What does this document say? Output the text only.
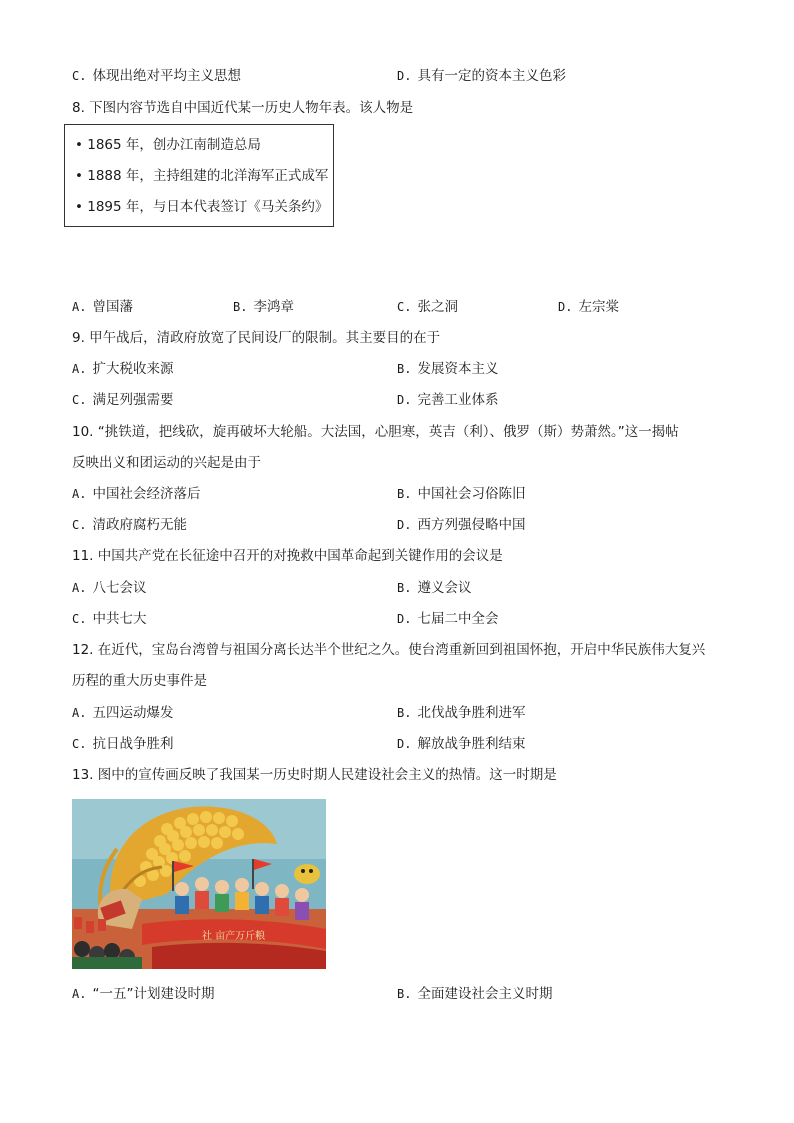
C. 体现出绝对平均主义思想	D. 具有一定的资本主义色彩
8. 下图内容节选自中国近代某一历史人物年表。该人物是
• 1865 年，创办江南制造总局
• 1888 年，主持组建的北洋海军正式成军
• 1895 年，与日本代表签订《马关条约》
A. 曾国藩	B. 李鸿章	C. 张之洞	D. 左宗棠
9. 甲午战后，清政府放宽了民间设厂的限制。其主要目的在于
A. 扩大税收来源	B. 发展资本主义
C. 满足列强需要	D. 完善工业体系
10. “挑铁道，把线砍，旋再破坏大轮船。大法国，心胆寒，英吉（利）、俄罗（斯）势萧然。”这一揭帖
反映出义和团运动的兴起是由于
A. 中国社会经济落后	B. 中国社会习俗陈旧
C. 清政府腐朽无能	D. 西方列强侵略中国
11. 中国共产党在长征途中召开的对挽救中国革命起到关键作用的会议是
A. 八七会议	B. 遵义会议
C. 中共七大	D. 七届二中全会
12. 在近代，宝岛台湾曾与祖国分离长达半个世纪之久。使台湾重新回到祖国怀抱，开启中华民族伟大复兴
历程的重大历史事件是
A. 五四运动爆发	B. 北伐战争胜利进军
C. 抗日战争胜利	D. 解放战争胜利结束
13. 图中的宣传画反映了我国某一历史时期人民建设社会主义的热情。这一时期是
社 亩产万斤粮
A. “一五”计划建设时期	B. 全面建设社会主义时期
